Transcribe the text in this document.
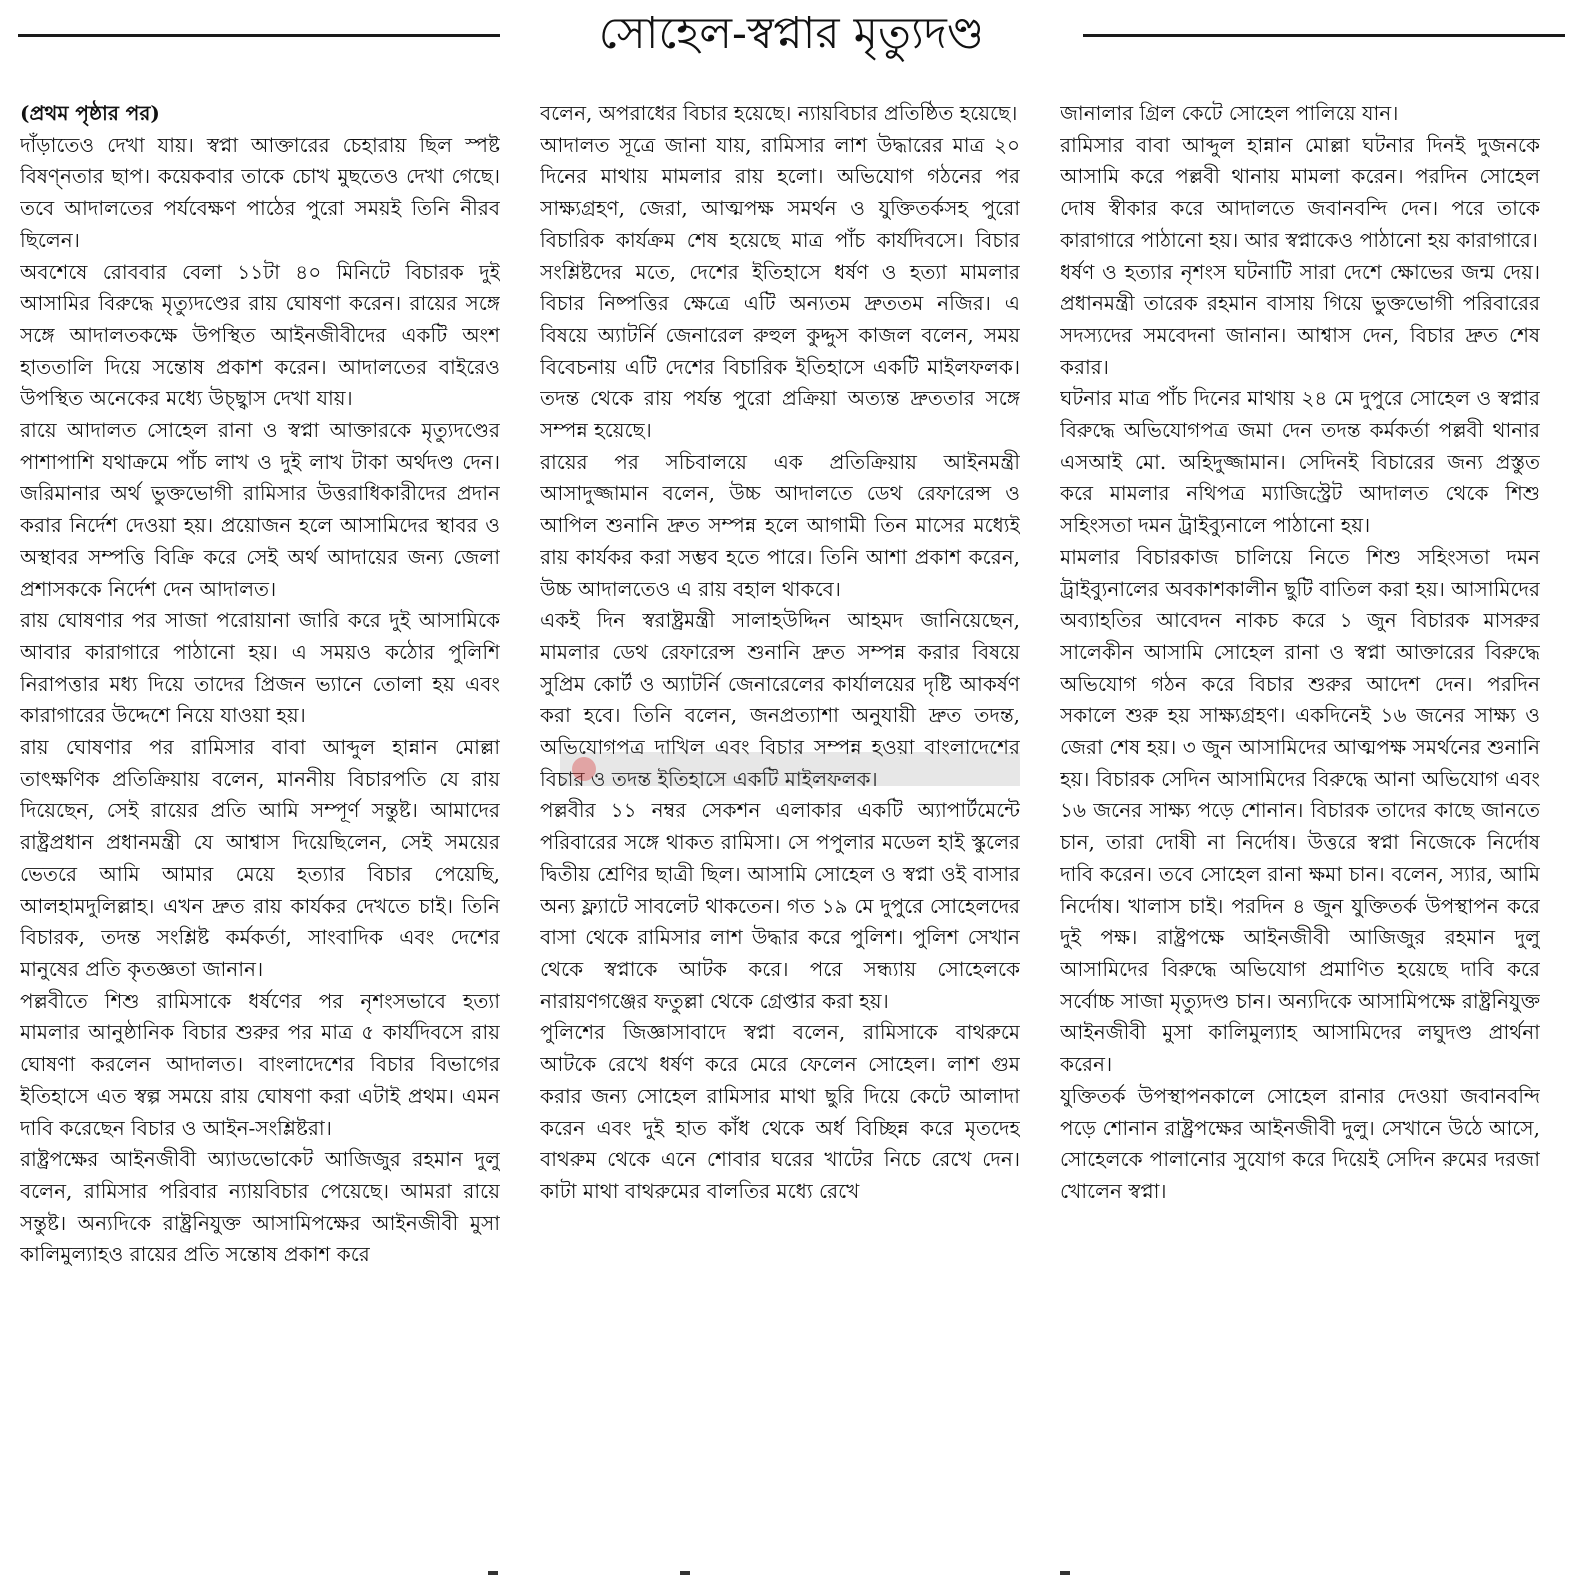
সোহেল-স্বপ্নার মৃত্যুদণ্ড

(প্রথম পৃষ্ঠার পর)

দাঁড়াতেও দেখা যায়। স্বপ্না আক্তারের চেহারায় ছিল স্পষ্ট বিষণ্নতার ছাপ। কয়েকবার তাকে চোখ মুছতেও দেখা গেছে। তবে আদালতের পর্যবেক্ষণ পাঠের পুরো সময়ই তিনি নীরব ছিলেন।

অবশেষে রোববার বেলা ১১টা ৪০ মিনিটে বিচারক দুই আসামির বিরুদ্ধে মৃত্যুদণ্ডের রায় ঘোষণা করেন। রায়ের সঙ্গে সঙ্গে আদালতকক্ষে উপস্থিত আইনজীবীদের একটি অংশ হাততালি দিয়ে সন্তোষ প্রকাশ করেন। আদালতের বাইরেও উপস্থিত অনেকের মধ্যে উচ্ছ্বাস দেখা যায়।

রায়ে আদালত সোহেল রানা ও স্বপ্না আক্তারকে মৃত্যুদণ্ডের পাশাপাশি যথাক্রমে পাঁচ লাখ ও দুই লাখ টাকা অর্থদণ্ড দেন। জরিমানার অর্থ ভুক্তভোগী রামিসার উত্তরাধিকারীদের প্রদান করার নির্দেশ দেওয়া হয়। প্রয়োজন হলে আসামিদের স্থাবর ও অস্থাবর সম্পত্তি বিক্রি করে সেই অর্থ আদায়ের জন্য জেলা প্রশাসককে নির্দেশ দেন আদালত।

রায় ঘোষণার পর সাজা পরোয়ানা জারি করে দুই আসামিকে আবার কারাগারে পাঠানো হয়। এ সময়ও কঠোর পুলিশি নিরাপত্তার মধ্য দিয়ে তাদের প্রিজন ভ্যানে তোলা হয় এবং কারাগারের উদ্দেশে নিয়ে যাওয়া হয়।

রায় ঘোষণার পর রামিসার বাবা আব্দুল হান্নান মোল্লা তাৎক্ষণিক প্রতিক্রিয়ায় বলেন, মাননীয় বিচারপতি যে রায় দিয়েছেন, সেই রায়ের প্রতি আমি সম্পূর্ণ সন্তুষ্ট। আমাদের রাষ্ট্রপ্রধান প্রধানমন্ত্রী যে আশ্বাস দিয়েছিলেন, সেই সময়ের ভেতরে আমি আমার মেয়ে হত্যার বিচার পেয়েছি, আলহামদুলিল্লাহ। এখন দ্রুত রায় কার্যকর দেখতে চাই। তিনি বিচারক, তদন্ত সংশ্লিষ্ট কর্মকর্তা, সাংবাদিক এবং দেশের মানুষের প্রতি কৃতজ্ঞতা জানান।

পল্লবীতে শিশু রামিসাকে ধর্ষণের পর নৃশংসভাবে হত্যা মামলার আনুষ্ঠানিক বিচার শুরুর পর মাত্র ৫ কার্যদিবসে রায় ঘোষণা করলেন আদালত। বাংলাদেশের বিচার বিভাগের ইতিহাসে এত স্বল্প সময়ে রায় ঘোষণা করা এটাই প্রথম। এমন দাবি করেছেন বিচার ও আইন-সংশ্লিষ্টরা।

রাষ্ট্রপক্ষের আইনজীবী অ্যাডভোকেট আজিজুর রহমান দুলু বলেন, রামিসার পরিবার ন্যায়বিচার পেয়েছে। আমরা রায়ে সন্তুষ্ট। অন্যদিকে রাষ্ট্রনিযুক্ত আসামিপক্ষের আইনজীবী মুসা কালিমুল্যাহও রায়ের প্রতি সন্তোষ প্রকাশ করে

বলেন, অপরাধের বিচার হয়েছে। ন্যায়বিচার প্রতিষ্ঠিত হয়েছে।

আদালত সূত্রে জানা যায়, রামিসার লাশ উদ্ধারের মাত্র ২০ দিনের মাথায় মামলার রায় হলো। অভিযোগ গঠনের পর সাক্ষ্যগ্রহণ, জেরা, আত্মপক্ষ সমর্থন ও যুক্তিতর্কসহ পুরো বিচারিক কার্যক্রম শেষ হয়েছে মাত্র পাঁচ কার্যদিবসে। বিচার সংশ্লিষ্টদের মতে, দেশের ইতিহাসে ধর্ষণ ও হত্যা মামলার বিচার নিষ্পত্তির ক্ষেত্রে এটি অন্যতম দ্রুততম নজির। এ বিষয়ে অ্যাটর্নি জেনারেল রুহুল কুদ্দুস কাজল বলেন, সময় বিবেচনায় এটি দেশের বিচারিক ইতিহাসে একটি মাইলফলক। তদন্ত থেকে রায় পর্যন্ত পুরো প্রক্রিয়া অত্যন্ত দ্রুততার সঙ্গে সম্পন্ন হয়েছে।

রায়ের পর সচিবালয়ে এক প্রতিক্রিয়ায় আইনমন্ত্রী আসাদুজ্জামান বলেন, উচ্চ আদালতে ডেথ রেফারেন্স ও আপিল শুনানি দ্রুত সম্পন্ন হলে আগামী তিন মাসের মধ্যেই রায় কার্যকর করা সম্ভব হতে পারে। তিনি আশা প্রকাশ করেন, উচ্চ আদালতেও এ রায় বহাল থাকবে।

একই দিন স্বরাষ্ট্রমন্ত্রী সালাহউদ্দিন আহমদ জানিয়েছেন, মামলার ডেথ রেফারেন্স শুনানি দ্রুত সম্পন্ন করার বিষয়ে সুপ্রিম কোর্ট ও অ্যাটর্নি জেনারেলের কার্যালয়ের দৃষ্টি আকর্ষণ করা হবে। তিনি বলেন, জনপ্রত্যাশা অনুযায়ী দ্রুত তদন্ত, অভিযোগপত্র দাখিল এবং বিচার সম্পন্ন হওয়া বাংলাদেশের বিচার ও তদন্ত ইতিহাসে একটি মাইলফলক।

পল্লবীর ১১ নম্বর সেকশন এলাকার একটি অ্যাপার্টমেন্টে পরিবারের সঙ্গে থাকত রামিসা। সে পপুলার মডেল হাই স্কুলের দ্বিতীয় শ্রেণির ছাত্রী ছিল। আসামি সোহেল ও স্বপ্না ওই বাসার অন্য ফ্ল্যাটে সাবলেট থাকতেন। গত ১৯ মে দুপুরে সোহেলদের বাসা থেকে রামিসার লাশ উদ্ধার করে পুলিশ। পুলিশ সেখান থেকে স্বপ্নাকে আটক করে। পরে সন্ধ্যায় সোহেলকে নারায়ণগঞ্জের ফতুল্লা থেকে গ্রেপ্তার করা হয়।

পুলিশের জিজ্ঞাসাবাদে স্বপ্না বলেন, রামিসাকে বাথরুমে আটকে রেখে ধর্ষণ করে মেরে ফেলেন সোহেল। লাশ গুম করার জন্য সোহেল রামিসার মাথা ছুরি দিয়ে কেটে আলাদা করেন এবং দুই হাত কাঁধ থেকে অর্ধ বিচ্ছিন্ন করে মৃতদেহ বাথরুম থেকে এনে শোবার ঘরের খাটের নিচে রেখে দেন। কাটা মাথা বাথরুমের বালতির মধ্যে রেখে

জানালার গ্রিল কেটে সোহেল পালিয়ে যান।

রামিসার বাবা আব্দুল হান্নান মোল্লা ঘটনার দিনই দুজনকে আসামি করে পল্লবী থানায় মামলা করেন। পরদিন সোহেল দোষ স্বীকার করে আদালতে জবানবন্দি দেন। পরে তাকে কারাগারে পাঠানো হয়। আর স্বপ্নাকেও পাঠানো হয় কারাগারে।

ধর্ষণ ও হত্যার নৃশংস ঘটনাটি সারা দেশে ক্ষোভের জন্ম দেয়। প্রধানমন্ত্রী তারেক রহমান বাসায় গিয়ে ভুক্তভোগী পরিবারের সদস্যদের সমবেদনা জানান। আশ্বাস দেন, বিচার দ্রুত শেষ করার।

ঘটনার মাত্র পাঁচ দিনের মাথায় ২৪ মে দুপুরে সোহেল ও স্বপ্নার বিরুদ্ধে অভিযোগপত্র জমা দেন তদন্ত কর্মকর্তা পল্লবী থানার এসআই মো. অহিদুজ্জামান। সেদিনই বিচারের জন্য প্রস্তুত করে মামলার নথিপত্র ম্যাজিস্ট্রেট আদালত থেকে শিশু সহিংসতা দমন ট্রাইব্যুনালে পাঠানো হয়।

মামলার বিচারকাজ চালিয়ে নিতে শিশু সহিংসতা দমন ট্রাইব্যুনালের অবকাশকালীন ছুটি বাতিল করা হয়। আসামিদের অব্যাহতির আবেদন নাকচ করে ১ জুন বিচারক মাসরুর সালেকীন আসামি সোহেল রানা ও স্বপ্না আক্তারের বিরুদ্ধে অভিযোগ গঠন করে বিচার শুরুর আদেশ দেন। পরদিন সকালে শুরু হয় সাক্ষ্যগ্রহণ। একদিনেই ১৬ জনের সাক্ষ্য ও জেরা শেষ হয়। ৩ জুন আসামিদের আত্মপক্ষ সমর্থনের শুনানি হয়। বিচারক সেদিন আসামিদের বিরুদ্ধে আনা অভিযোগ এবং ১৬ জনের সাক্ষ্য পড়ে শোনান। বিচারক তাদের কাছে জানতে চান, তারা দোষী না নির্দোষ। উত্তরে স্বপ্না নিজেকে নির্দোষ দাবি করেন। তবে সোহেল রানা ক্ষমা চান। বলেন, স্যার, আমি নির্দোষ। খালাস চাই। পরদিন ৪ জুন যুক্তিতর্ক উপস্থাপন করে দুই পক্ষ। রাষ্ট্রপক্ষে আইনজীবী আজিজুর রহমান দুলু আসামিদের বিরুদ্ধে অভিযোগ প্রমাণিত হয়েছে দাবি করে সর্বোচ্চ সাজা মৃত্যুদণ্ড চান। অন্যদিকে আসামিপক্ষে রাষ্ট্রনিযুক্ত আইনজীবী মুসা কালিমুল্যাহ আসামিদের লঘুদণ্ড প্রার্থনা করেন।

যুক্তিতর্ক উপস্থাপনকালে সোহেল রানার দেওয়া জবানবন্দি পড়ে শোনান রাষ্ট্রপক্ষের আইনজীবী দুলু। সেখানে উঠে আসে, সোহেলকে পালানোর সুযোগ করে দিয়েই সেদিন রুমের দরজা খোলেন স্বপ্না।
